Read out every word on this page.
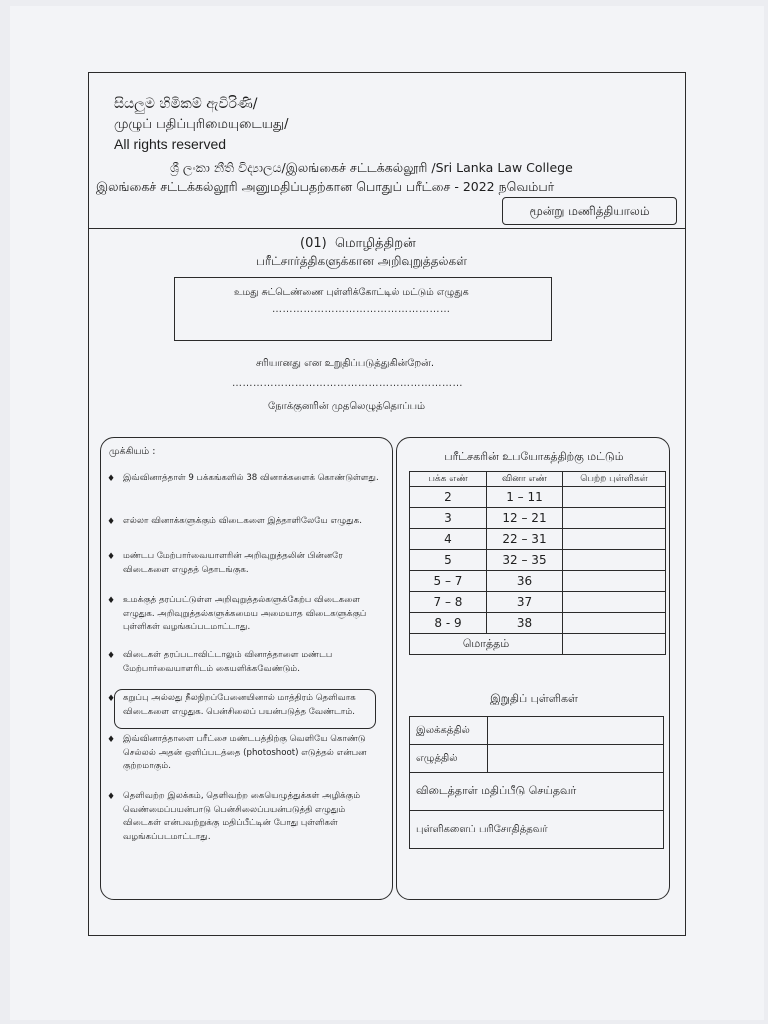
සියලුම හිමිකම් ඇවිරිණි/
முழுப் பதிப்புரிமையுடையது/
All rights reserved
ශ්‍රී ලංකා නීති විද්‍යාලය/இலங்கைச் சட்டக்கல்லூரி /Sri Lanka Law College
இலங்கைச் சட்டக்கல்லூரி அனுமதிப்பதற்கான பொதுப் பரீட்சை - 2022 நவெம்பர்
மூன்று மணித்தியாலம்
(01) மொழித்திறன்
பரீட்சார்த்திகளுக்கான அறிவுறுத்தல்கள்
உமது சுட்டெண்ணை புள்ளிக்கோட்டில் மட்டும் எழுதுக
……………………………………………
சரியானது என உறுதிப்படுத்துகின்றேன்.
…………………………………………………………
நோக்குனரின் முதலெழுத்தொப்பம்
முக்கியம் :
♦ இவ்வினாத்தாள் 9 பக்கங்களில் 38 வினாக்களைக் கொண்டுள்ளது.
♦ எல்லா வினாக்களுக்கும் விடைகளை இத்தாளிலேயே எழுதுக.
♦ மண்டப மேற்பார்வையாளரின் அறிவுறுத்தலின் பின்னரே விடைகளை எழுதத் தொடங்குக.
♦ உமக்குத் தரப்பட்டுள்ள அறிவுறுத்தல்களுக்கேற்ப விடைகளை எழுதுக. அறிவுறுத்தல்களுக்கமைய அமையாத விடைகளுக்குப் புள்ளிகள் வழங்கப்படமாட்டாது.
♦ விடைகள் தரப்படாவிட்டாலும் வினாத்தாளை மண்டப மேற்பார்வையாளரிடம் கையளிக்கவேண்டும்.
♦ கறுப்பு அல்லது நீலநிறப்பேனையினால் மாத்திரம் தெளிவாக விடைகளை எழுதுக. பென்சிலைப் பயன்படுத்த வேண்டாம்.
♦ இவ்வினாத்தாளை பரீட்சை மண்டபத்திற்கு வெளியே கொண்டு செல்லல் அதன் ஒளிப்படத்தை (photoshoot) எடுத்தல் என்பன குற்றமாகும்.
♦ தெளிவற்ற இலக்கம், தெளிவற்ற கையெழுத்துக்கள் அழிக்கும் வெண்மைப்பயன்பாடு பென்சிலைப்பயன்படுத்தி எழுதும் விடைகள் என்பவற்றுக்கு மதிப்பீட்டின் போது புள்ளிகள் வழங்கப்படமாட்டாது.
பரீட்சகரின் உபயோகத்திற்கு மட்டும்
பக்க எண்	வினா எண்	பெற்ற புள்ளிகள்
2	1 – 11	
3	12 – 21	
4	22 – 31	
5	32 – 35	
5 – 7	36	
7 – 8	37	
8 - 9	38	
மொத்தம்		
இறுதிப் புள்ளிகள்
இலக்கத்தில்	
எழுத்தில்	
விடைத்தாள் மதிப்பீடு செய்தவர்	
புள்ளிகளைப் பரிசோதித்தவர்	
